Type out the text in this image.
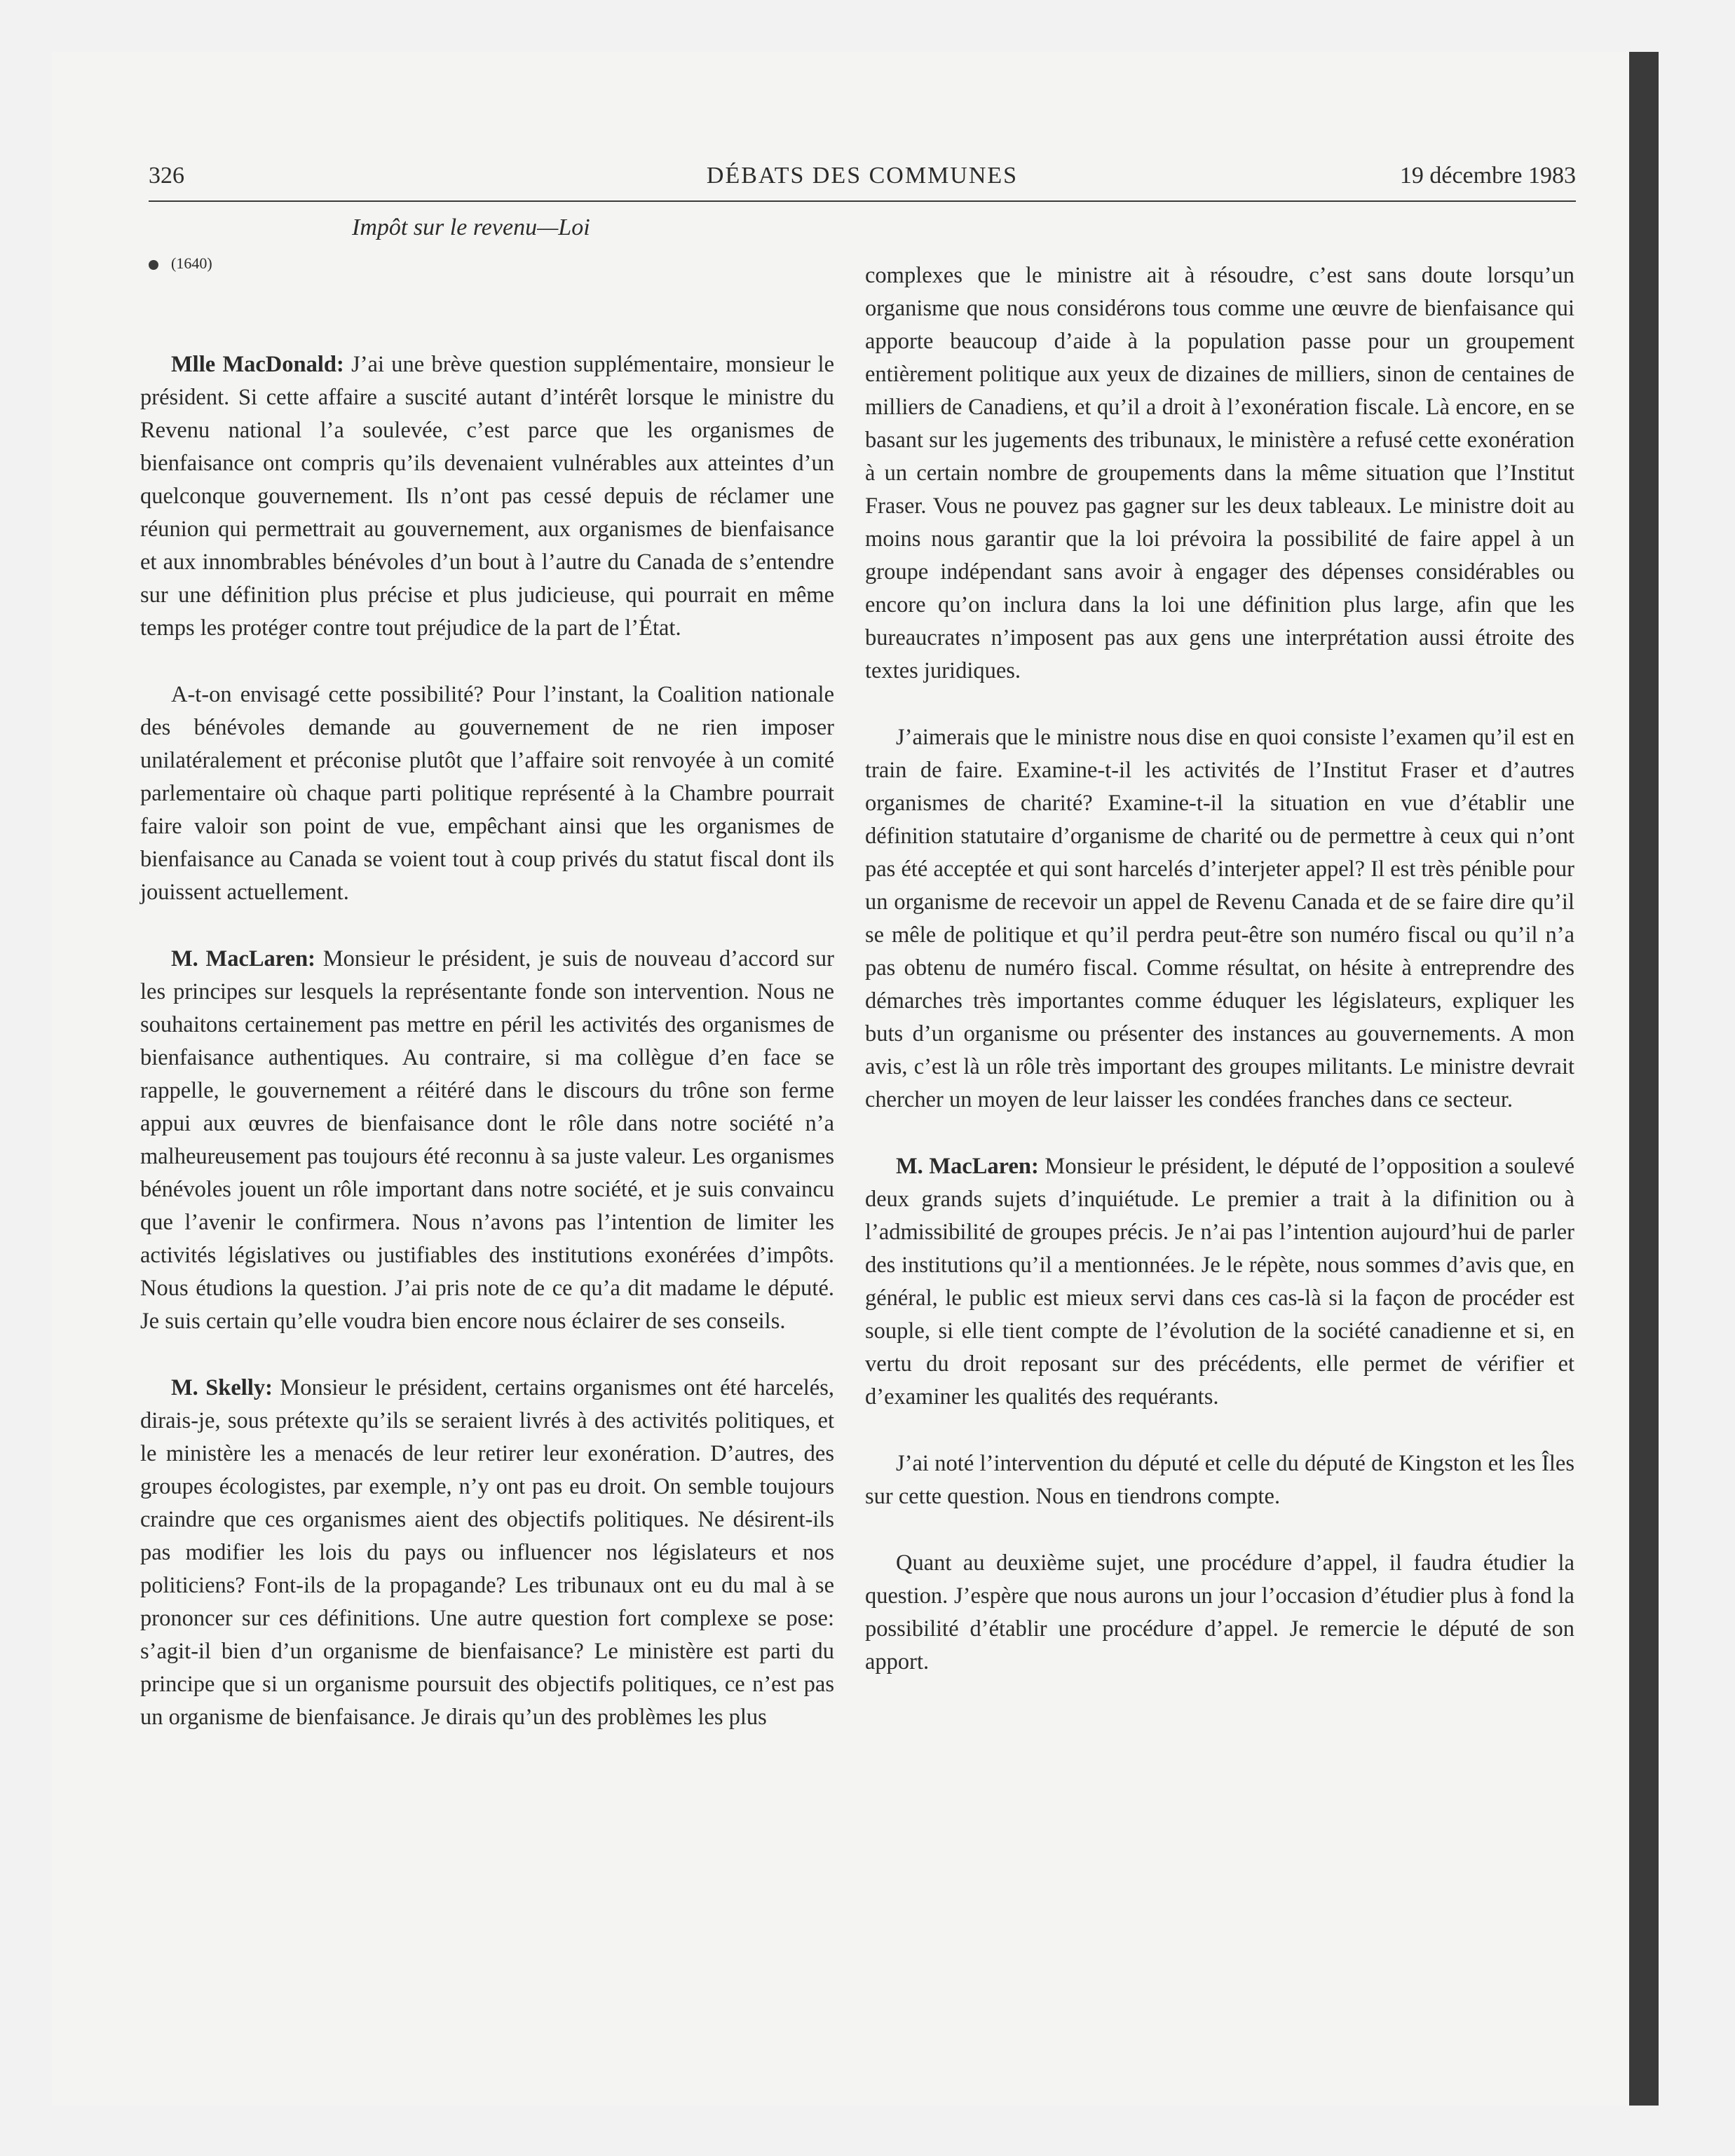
326	DÉBATS DES COMMUNES	19 décembre 1983
Impôt sur le revenu—Loi
(1640)

Mlle MacDonald: J’ai une brève question supplémentaire, monsieur le président. Si cette affaire a suscité autant d’intérêt lorsque le ministre du Revenu national l’a soulevée, c’est parce que les organismes de bienfaisance ont compris qu’ils devenaient vulnérables aux atteintes d’un quelconque gouvernement. Ils n’ont pas cessé depuis de réclamer une réunion qui permettrait au gouvernement, aux organismes de bienfaisance et aux innombrables bénévoles d’un bout à l’autre du Canada de s’entendre sur une définition plus précise et plus judicieuse, qui pourrait en même temps les protéger contre tout préjudice de la part de l’État.

A-t-on envisagé cette possibilité? Pour l’instant, la Coalition nationale des bénévoles demande au gouvernement de ne rien imposer unilatéralement et préconise plutôt que l’affaire soit renvoyée à un comité parlementaire où chaque parti politique représenté à la Chambre pourrait faire valoir son point de vue, empêchant ainsi que les organismes de bienfaisance au Canada se voient tout à coup privés du statut fiscal dont ils jouissent actuellement.

M. MacLaren: Monsieur le président, je suis de nouveau d’accord sur les principes sur lesquels la représentante fonde son intervention. Nous ne souhaitons certainement pas mettre en péril les activités des organismes de bienfaisance authentiques. Au contraire, si ma collègue d’en face se rappelle, le gouvernement a réitéré dans le discours du trône son ferme appui aux œuvres de bienfaisance dont le rôle dans notre société n’a malheureusement pas toujours été reconnu à sa juste valeur. Les organismes bénévoles jouent un rôle important dans notre société, et je suis convaincu que l’avenir le confirmera. Nous n’avons pas l’intention de limiter les activités législatives ou justifiables des institutions exonérées d’impôts. Nous étudions la question. J’ai pris note de ce qu’a dit madame le député. Je suis certain qu’elle voudra bien encore nous éclairer de ses conseils.

M. Skelly: Monsieur le président, certains organismes ont été harcelés, dirais-je, sous prétexte qu’ils se seraient livrés à des activités politiques, et le ministère les a menacés de leur retirer leur exonération. D’autres, des groupes écologistes, par exemple, n’y ont pas eu droit. On semble toujours craindre que ces organismes aient des objectifs politiques. Ne désirent-ils pas modifier les lois du pays ou influencer nos législateurs et nos politiciens? Font-ils de la propagande? Les tribunaux ont eu du mal à se prononcer sur ces définitions. Une autre question fort complexe se pose: s’agit-il bien d’un organisme de bienfaisance? Le ministère est parti du principe que si un organisme poursuit des objectifs politiques, ce n’est pas un organisme de bienfaisance. Je dirais qu’un des problèmes les plus

complexes que le ministre ait à résoudre, c’est sans doute lorsqu’un organisme que nous considérons tous comme une œuvre de bienfaisance qui apporte beaucoup d’aide à la population passe pour un groupement entièrement politique aux yeux de dizaines de milliers, sinon de centaines de milliers de Canadiens, et qu’il a droit à l’exonération fiscale. Là encore, en se basant sur les jugements des tribunaux, le ministère a refusé cette exonération à un certain nombre de groupements dans la même situation que l’Institut Fraser. Vous ne pouvez pas gagner sur les deux tableaux. Le ministre doit au moins nous garantir que la loi prévoira la possibilité de faire appel à un groupe indépendant sans avoir à engager des dépenses considérables ou encore qu’on inclura dans la loi une définition plus large, afin que les bureaucrates n’imposent pas aux gens une interprétation aussi étroite des textes juridiques.

J’aimerais que le ministre nous dise en quoi consiste l’examen qu’il est en train de faire. Examine-t-il les activités de l’Institut Fraser et d’autres organismes de charité? Examine-t-il la situation en vue d’établir une définition statutaire d’organisme de charité ou de permettre à ceux qui n’ont pas été acceptée et qui sont harcelés d’interjeter appel? Il est très pénible pour un organisme de recevoir un appel de Revenu Canada et de se faire dire qu’il se mêle de politique et qu’il perdra peut-être son numéro fiscal ou qu’il n’a pas obtenu de numéro fiscal. Comme résultat, on hésite à entreprendre des démarches très importantes comme éduquer les législateurs, expliquer les buts d’un organisme ou présenter des instances au gouvernements. A mon avis, c’est là un rôle très important des groupes militants. Le ministre devrait chercher un moyen de leur laisser les condées franches dans ce secteur.

M. MacLaren: Monsieur le président, le député de l’opposition a soulevé deux grands sujets d’inquiétude. Le premier a trait à la difinition ou à l’admissibilité de groupes précis. Je n’ai pas l’intention aujourd’hui de parler des institutions qu’il a mentionnées. Je le répète, nous sommes d’avis que, en général, le public est mieux servi dans ces cas-là si la façon de procéder est souple, si elle tient compte de l’évolution de la société canadienne et si, en vertu du droit reposant sur des précédents, elle permet de vérifier et d’examiner les qualités des requérants.

J’ai noté l’intervention du député et celle du député de Kingston et les Îles sur cette question. Nous en tiendrons compte.

Quant au deuxième sujet, une procédure d’appel, il faudra étudier la question. J’espère que nous aurons un jour l’occasion d’étudier plus à fond la possibilité d’établir une procédure d’appel. Je remercie le député de son apport.
